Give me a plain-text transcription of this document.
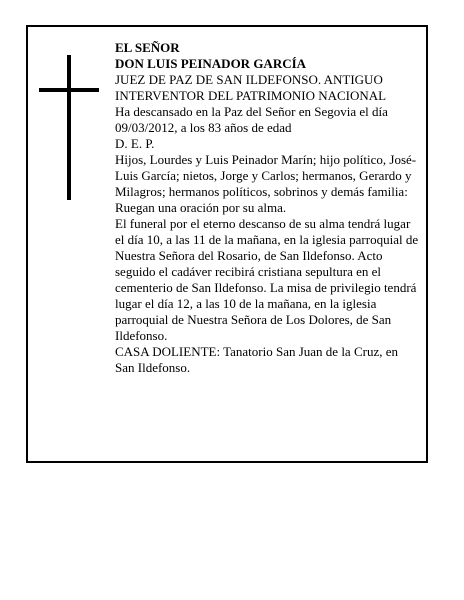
EL SEÑOR

DON LUIS PEINADOR GARCÍA

JUEZ DE PAZ DE SAN ILDEFONSO. ANTIGUO INTERVENTOR DEL PATRIMONIO NACIONAL

Ha descansado en la Paz del Señor en Segovia el día 09/03/2012, a los 83 años de edad

D. E. P.

Hijos, Lourdes y Luis Peinador Marín; hijo político, José-Luis García; nietos, Jorge y Carlos; hermanos, Gerardo y Milagros; hermanos políticos, sobrinos y demás familia:

Ruegan una oración por su alma.

El funeral por el eterno descanso de su alma tendrá lugar el día 10, a las 11 de la mañana, en la iglesia parroquial de Nuestra Señora del Rosario, de San Ildefonso. Acto seguido el cadáver recibirá cristiana sepultura en el cementerio de San Ildefonso. La misa de privilegio tendrá lugar el día 12, a las 10 de la mañana, en la iglesia parroquial de Nuestra Señora de Los Dolores, de San Ildefonso.

CASA DOLIENTE: Tanatorio San Juan de la Cruz, en San Ildefonso.
